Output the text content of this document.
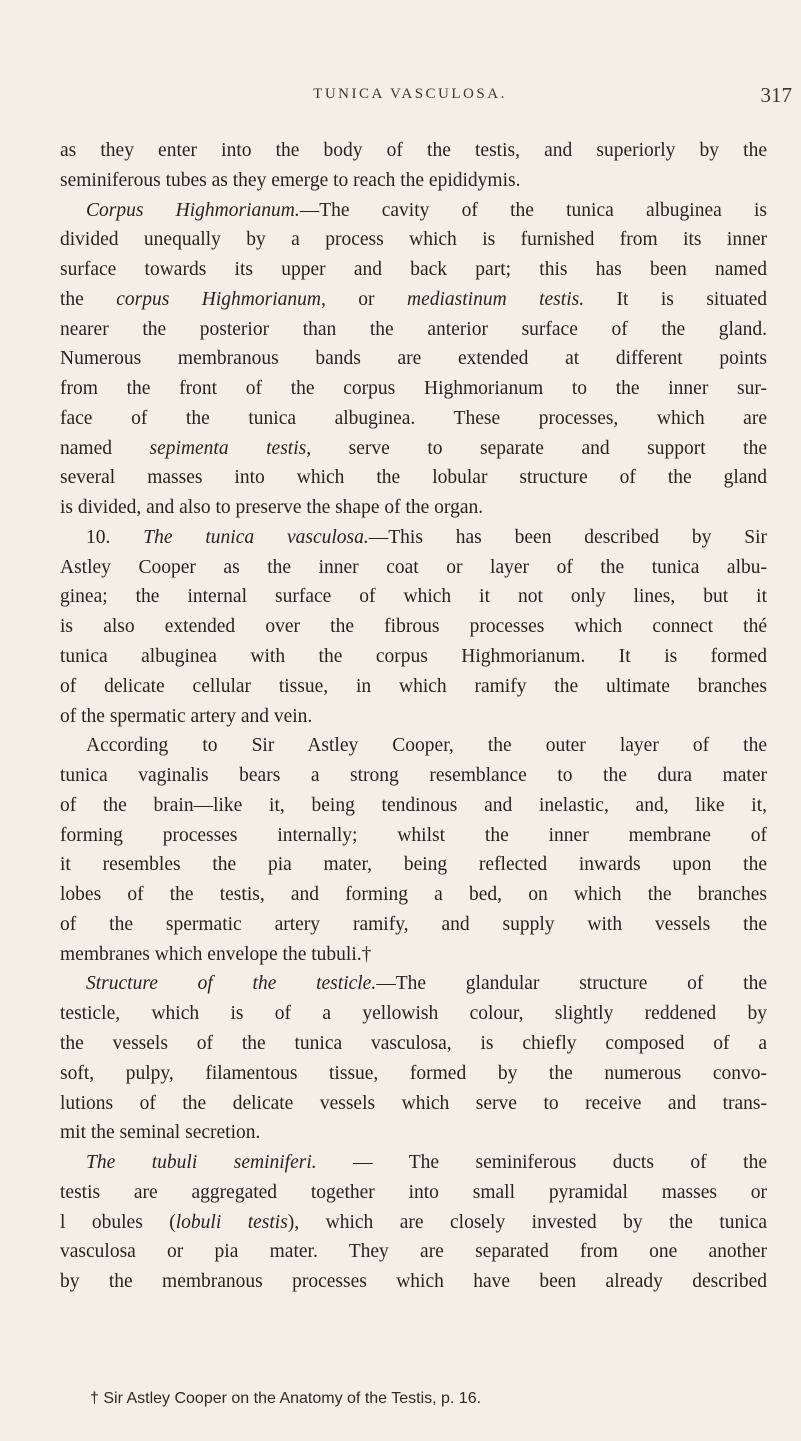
TUNICA VASCULOSA.	317
as they enter into the body of the testis, and superiorly by the
seminiferous tubes as they emerge to reach the epididymis.
Corpus Highmorianum.—The cavity of the tunica albuginea is
divided unequally by a process which is furnished from its inner
surface towards its upper and back part; this has been named
the corpus Highmorianum, or mediastinum testis. It is situated
nearer the posterior than the anterior surface of the gland.
Numerous membranous bands are extended at different points
from the front of the corpus Highmorianum to the inner sur-
face of the tunica albuginea. These processes, which are
named sepimenta testis, serve to separate and support the
several masses into which the lobular structure of the gland
is divided, and also to preserve the shape of the organ.
10. The tunica vasculosa.—This has been described by Sir
Astley Cooper as the inner coat or layer of the tunica albu-
ginea; the internal surface of which it not only lines, but it
is also extended over the fibrous processes which connect thé
tunica albuginea with the corpus Highmorianum. It is formed
of delicate cellular tissue, in which ramify the ultimate branches
of the spermatic artery and vein.
According to Sir Astley Cooper, the outer layer of the
tunica vaginalis bears a strong resemblance to the dura mater
of the brain—like it, being tendinous and inelastic, and, like it,
forming processes internally; whilst the inner membrane of
it resembles the pia mater, being reflected inwards upon the
lobes of the testis, and forming a bed, on which the branches
of the spermatic artery ramify, and supply with vessels the
membranes which envelope the tubuli.†
Structure of the testicle.—The glandular structure of the
testicle, which is of a yellowish colour, slightly reddened by
the vessels of the tunica vasculosa, is chiefly composed of a
soft, pulpy, filamentous tissue, formed by the numerous convo-
lutions of the delicate vessels which serve to receive and trans-
mit the seminal secretion.
The tubuli seminiferi. — The seminiferous ducts of the
testis are aggregated together into small pyramidal masses or
l obules (lobuli testis), which are closely invested by the tunica
vasculosa or pia mater. They are separated from one another
by the membranous processes which have been already described
† Sir Astley Cooper on the Anatomy of the Testis, p. 16.
